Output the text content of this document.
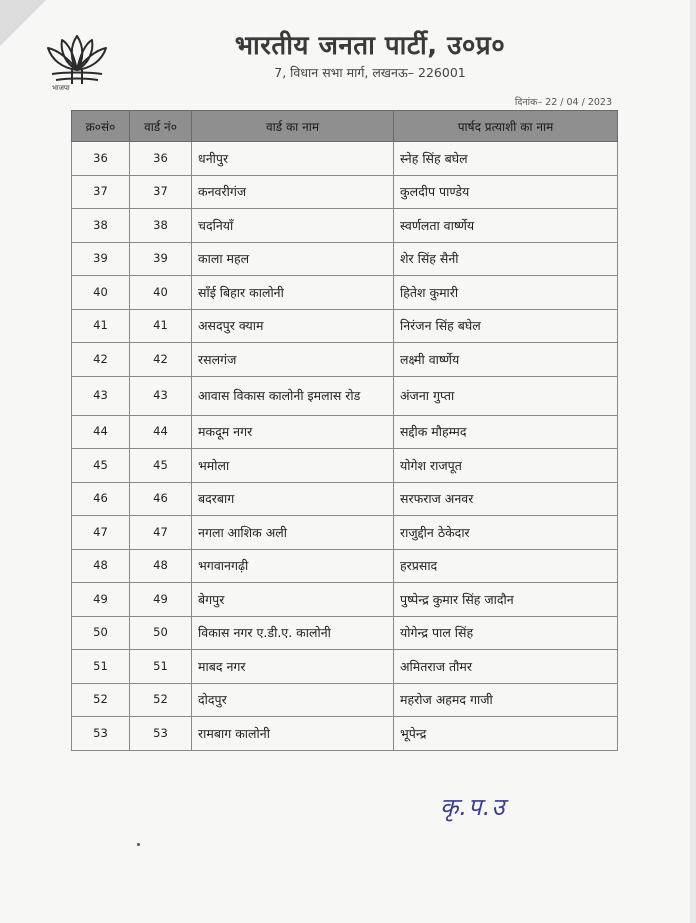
भाजपा
भारतीय जनता पार्टी, उ०प्र०
7, विधान सभा मार्ग, लखनऊ– 226001
दिनांक– 22 / 04 / 2023
क्र०सं०	वार्ड नं०	वार्ड का नाम	पार्षद प्रत्याशी का नाम
36	36	धनीपुर	स्नेह सिंह बघेल
37	37	कनवरीगंज	कुलदीप पाण्डेय
38	38	चदनियाँ	स्वर्णलता वार्ष्णेय
39	39	काला महल	शेर सिंह सैनी
40	40	साँई बिहार कालोनी	हितेश कुमारी
41	41	असदपुर क्याम	निरंजन सिंह बघेल
42	42	रसलगंज	लक्ष्मी वार्ष्णेय
43	43	आवास विकास कालोनी इमलास रोड	अंजना गुप्ता
44	44	मकदूम नगर	सद्दीक मौहम्मद
45	45	भमोला	योगेश राजपूत
46	46	बदरबाग	सरफराज अनवर
47	47	नगला आशिक अली	राजुद्दीन ठेकेदार
48	48	भगवानगढ़ी	हरप्रसाद
49	49	बेगपुर	पुष्पेन्द्र कुमार सिंह जादौन
50	50	विकास नगर ए.डी.ए. कालोनी	योगेन्द्र पाल सिंह
51	51	माबद नगर	अमितराज तौमर
52	52	दोदपुर	महरोज अहमद गाजी
53	53	रामबाग कालोनी	भूपेन्द्र
कृ.प.उ
